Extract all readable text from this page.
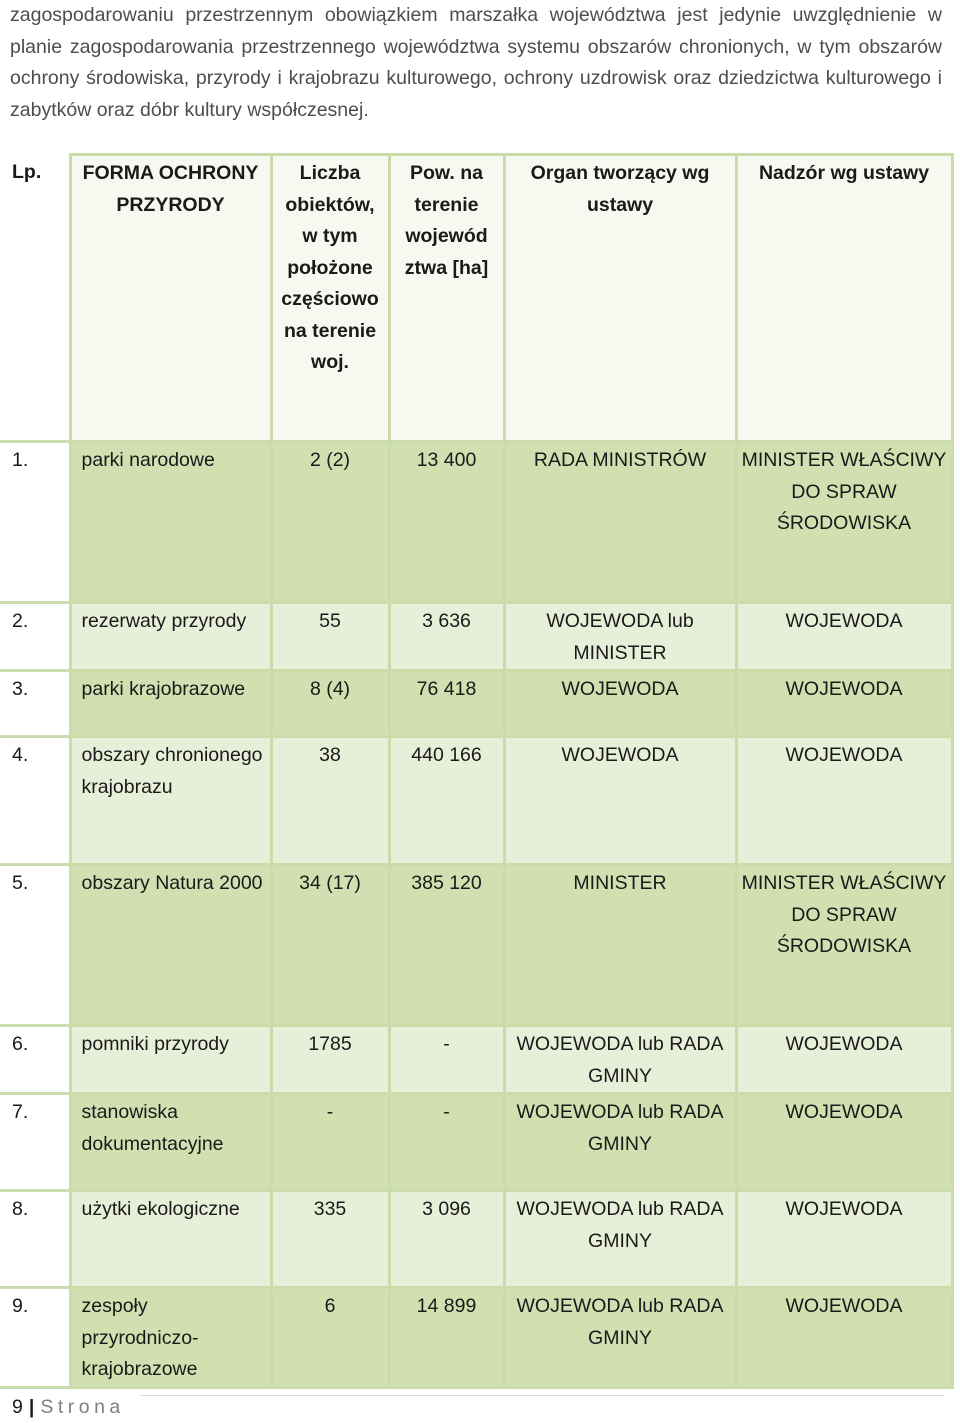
zagospodarowaniu przestrzennym obowiązkiem marszałka województwa jest jedynie uwzględnienie w planie zagospodarowania przestrzennego województwa systemu obszarów chronionych, w tym obszarów ochrony środowiska, przyrody i krajobrazu kulturowego, ochrony uzdrowisk oraz dziedzictwa kulturowego i zabytków oraz dóbr kultury współczesnej.

Lp.	FORMA OCHRONY PRZYRODY	Liczba obiektów, w tym położone częściowo na terenie woj.	Pow. na terenie wojewód ztwa [ha]	Organ tworzący wg ustawy	Nadzór wg ustawy
1.	parki narodowe	2 (2)	13 400	RADA MINISTRÓW	MINISTER WŁAŚCIWY DO SPRAW ŚRODOWISKA
2.	rezerwaty przyrody	55	3 636	WOJEWODA lub MINISTER	WOJEWODA
3.	parki krajobrazowe	8 (4)	76 418	WOJEWODA	WOJEWODA
4.	obszary chronionego krajobrazu	38	440 166	WOJEWODA	WOJEWODA
5.	obszary Natura 2000	34 (17)	385 120	MINISTER	MINISTER WŁAŚCIWY DO SPRAW ŚRODOWISKA
6.	pomniki przyrody	1785	-	WOJEWODA lub RADA GMINY	WOJEWODA
7.	stanowiska dokumentacyjne	-	-	WOJEWODA lub RADA GMINY	WOJEWODA
8.	użytki ekologiczne	335	3 096	WOJEWODA lub RADA GMINY	WOJEWODA
9.	zespoły przyrodniczo-krajobrazowe	6	14 899	WOJEWODA lub RADA GMINY	WOJEWODA
9 | Strona
